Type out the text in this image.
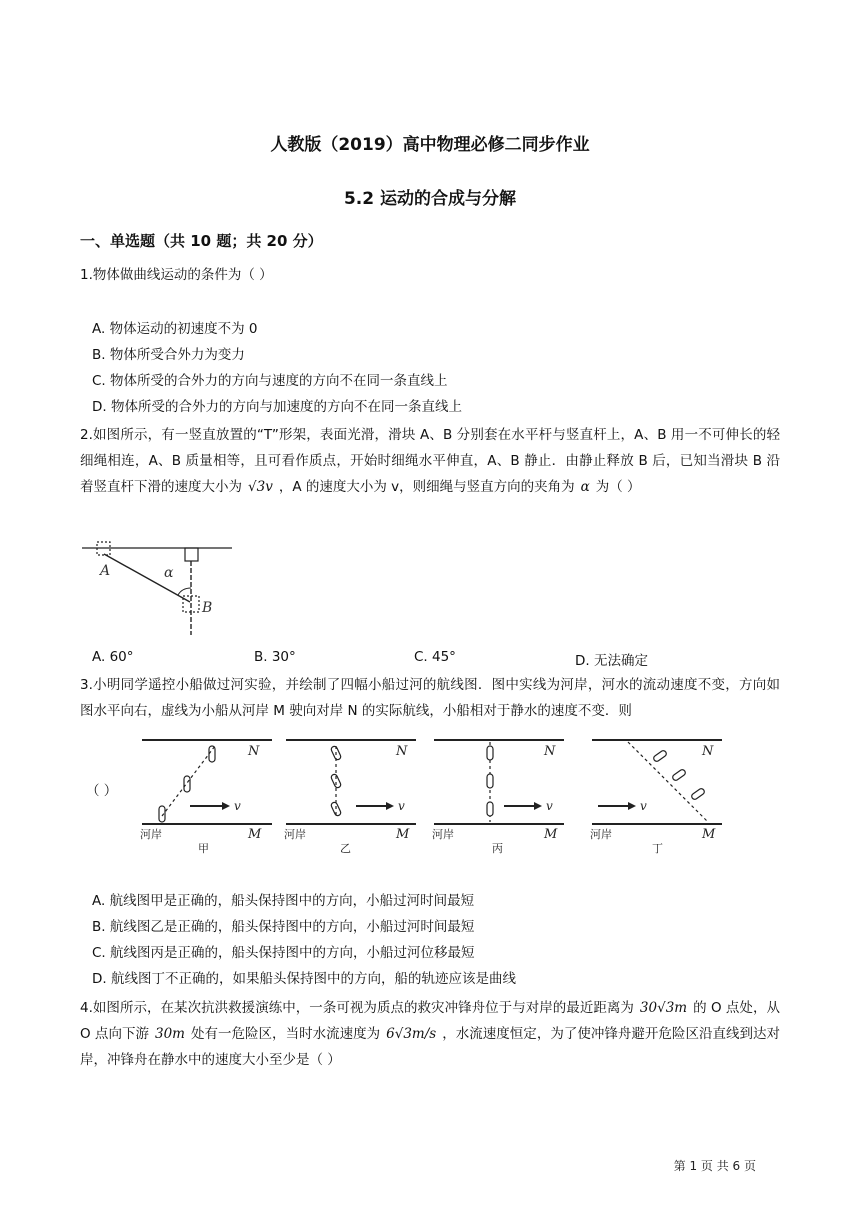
人教版（2019）高中物理必修二同步作业
5.2 运动的合成与分解
一、单选题（共 10 题；共 20 分）
1.物体做曲线运动的条件为（ ）
A. 物体运动的初速度不为 0
B. 物体所受合外力为变力
C. 物体所受的合外力的方向与速度的方向不在同一条直线上
D. 物体所受的合外力的方向与加速度的方向不在同一条直线上
2.如图所示，有一竖直放置的“T”形架，表面光滑，滑块 A、B 分别套在水平杆与竖直杆上，A、B 用一不可伸长的轻细绳相连，A、B 质量相等，且可看作质点，开始时细绳水平伸直，A、B 静止．由静止释放 B 后，已知当滑块 B 沿着竖直杆下滑的速度大小为 √3v ，A 的速度大小为 v，则细绳与竖直方向的夹角为 α 为（ ）
A	α
B
A. 60°	B. 30°	C. 45°	D. 无法确定
3.小明同学遥控小船做过河实验，并绘制了四幅小船过河的航线图．图中实线为河岸，河水的流动速度不变，方向如图水平向右，虚线为小船从河岸 M 驶向对岸 N 的实际航线，小船相对于静水的速度不变．则
（ ）
v
N
M
河岸
甲
v
N
M
河岸
乙
v
N
M
河岸
丙
v
N
M
河岸
丁
A. 航线图甲是正确的，船头保持图中的方向，小船过河时间最短
B. 航线图乙是正确的，船头保持图中的方向，小船过河时间最短
C. 航线图丙是正确的，船头保持图中的方向，小船过河位移最短
D. 航线图丁不正确的，如果船头保持图中的方向，船的轨迹应该是曲线
4.如图所示，在某次抗洪救援演练中，一条可视为质点的救灾冲锋舟位于与对岸的最近距离为 30√3m 的 O 点处，从 O 点向下游 30m 处有一危险区，当时水流速度为 6√3m/s ，水流速度恒定，为了使冲锋舟避开危险区沿直线到达对岸，冲锋舟在静水中的速度大小至少是（ ）
第 1 页 共 6 页
